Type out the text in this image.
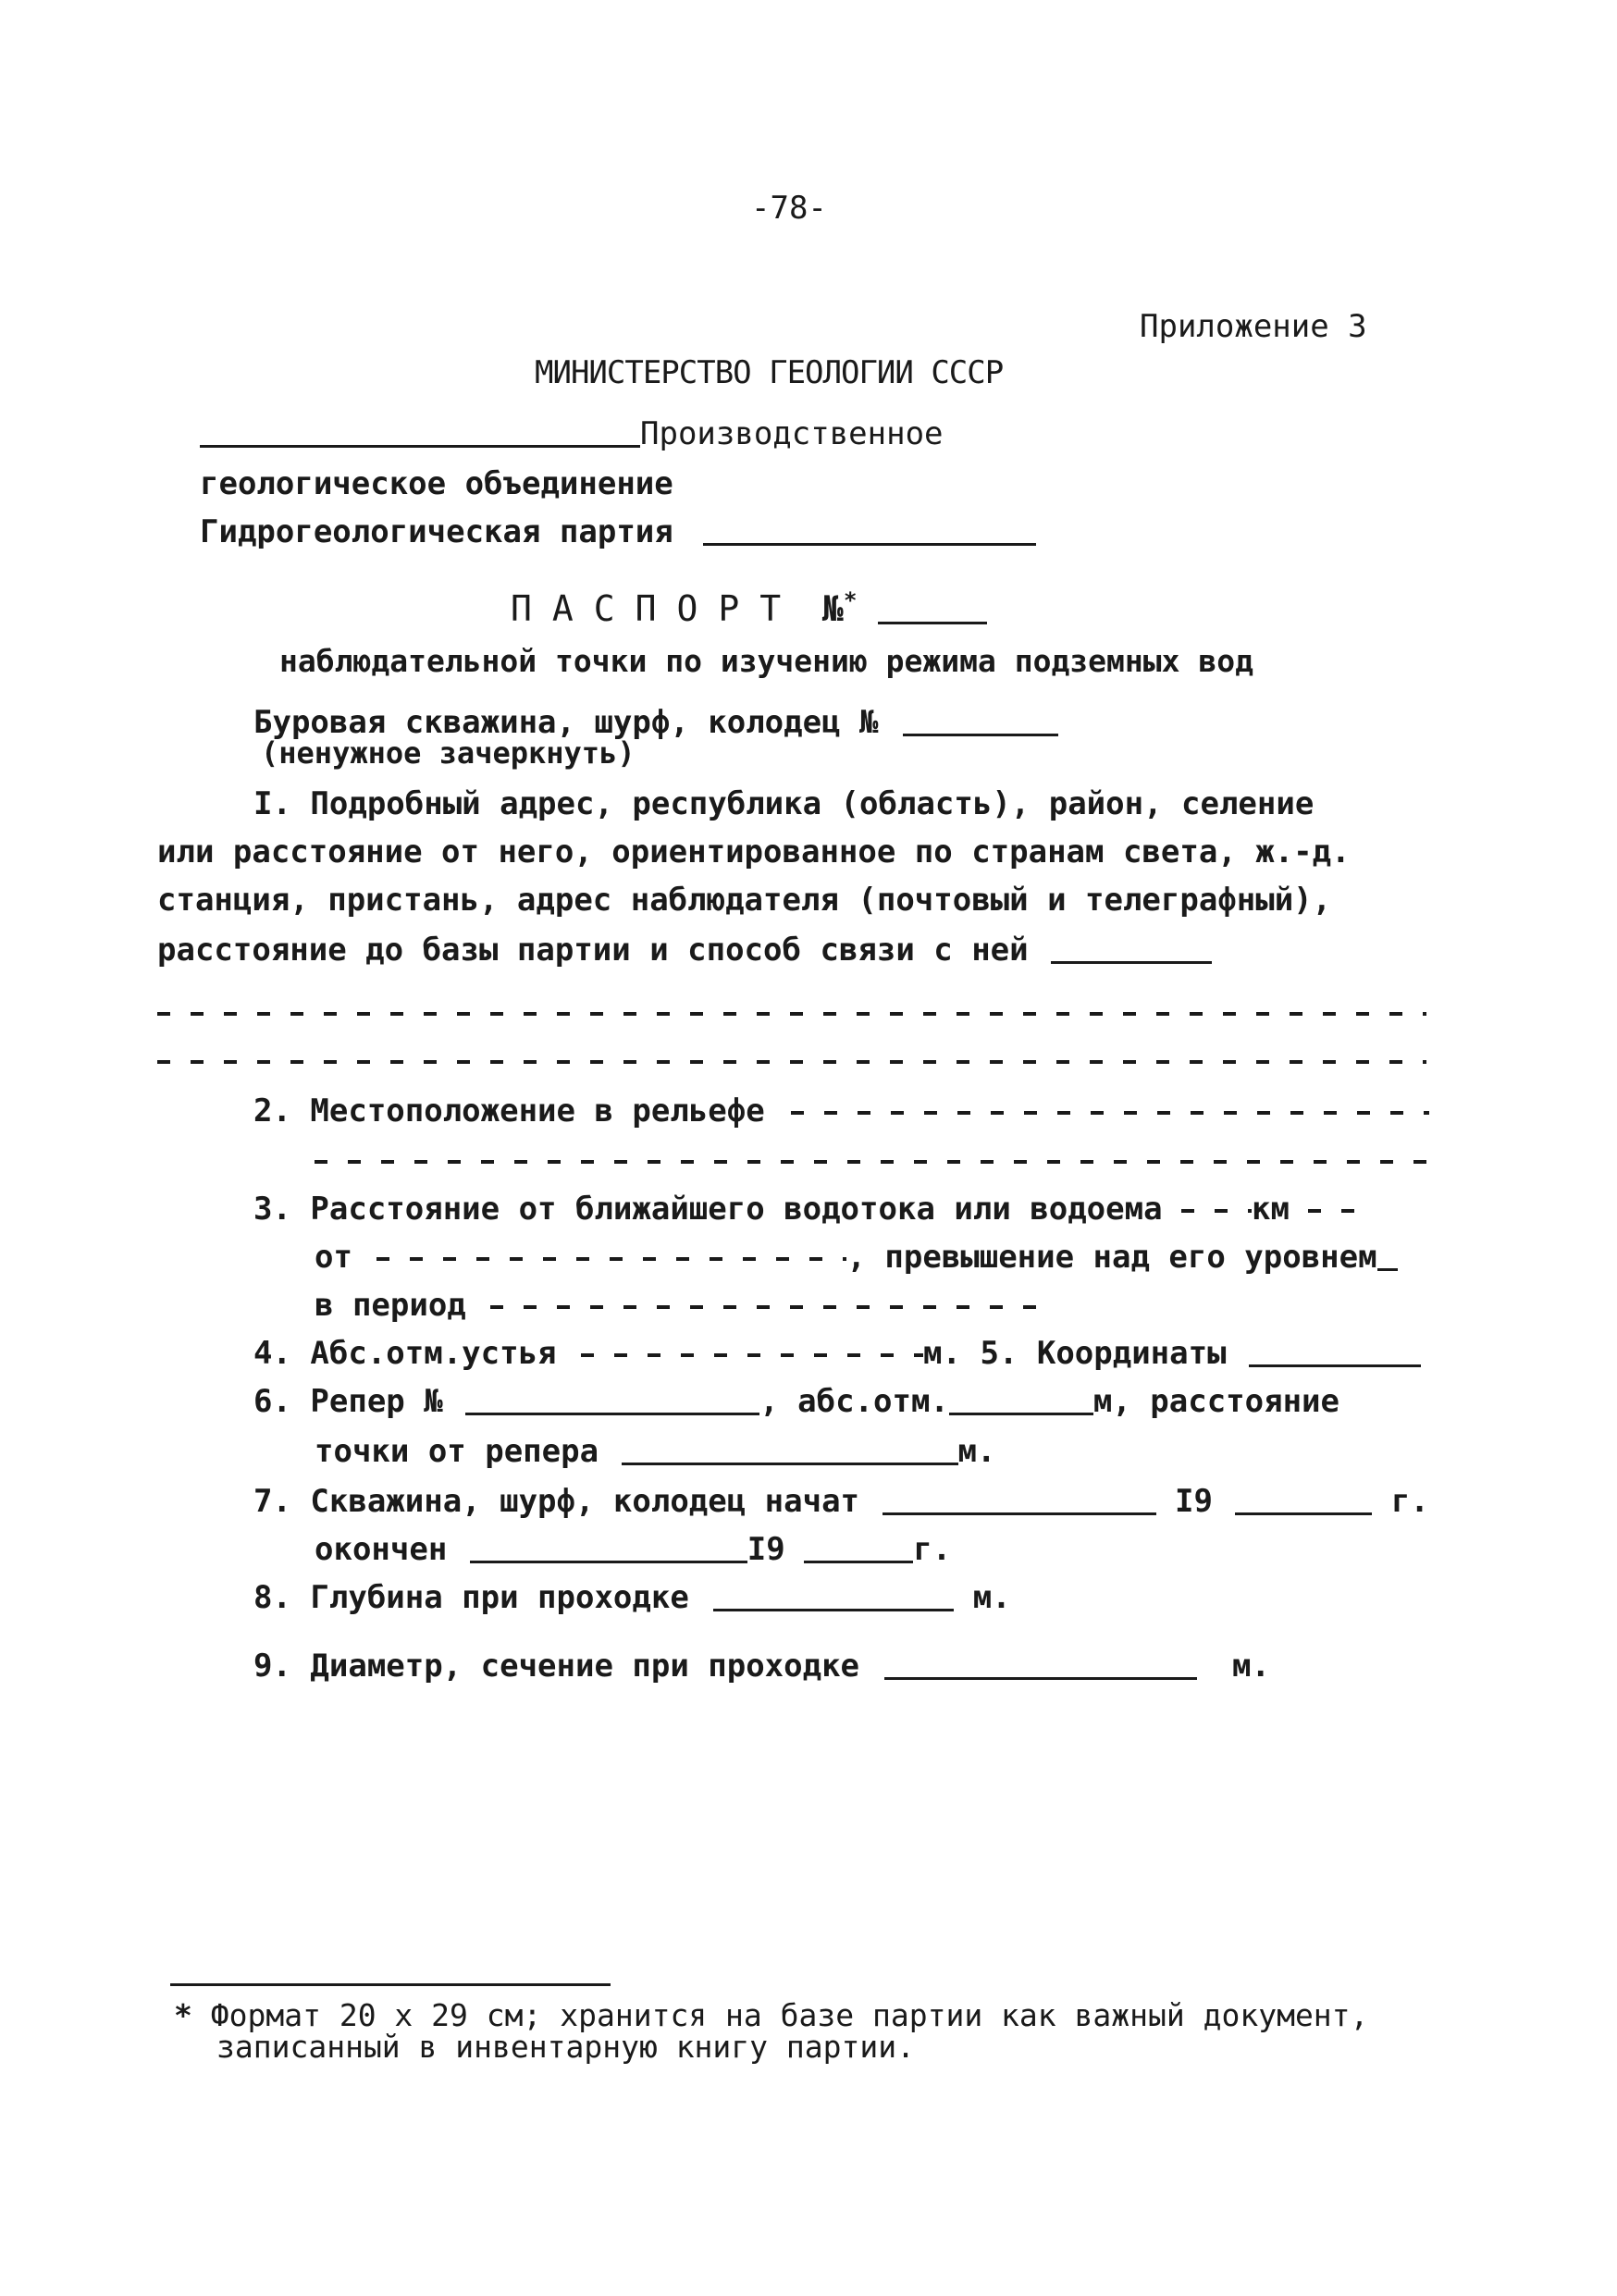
-78-
Приложение 3
МИНИСТЕРСТВО ГЕОЛОГИИ СССР
Производственное
геологическое объединение
Гидрогеологическая партия
ПАСПОРТ №*
наблюдательной точки по изучению режима подземных вод
Буровая скважина, шурф, колодец №
(ненужное зачеркнуть)
I. Подробный адрес, республика (область), район, селение
или расстояние от него, ориентированное по странам света, ж.-д.
станция, пристань, адрес наблюдателя (почтовый и телеграфный),
расстояние до базы партии и способ связи с ней
2. Местоположение в рельефе
3. Расстояние от ближайшего водотока или водоема	км
от	, превышение над его уровнем
в период
4. Абс.отм.устья	м. 5. Координаты
6. Репер №	, абс.отм.	м, расстояние
точки от репера	м.
7. Скважина, шурф, колодец начат	I9	г.
окончен	I9	г.
8. Глубина при проходке	м.
9. Диаметр, сечение при проходке	м.
* Формат 20 х 29 см; хранится на базе партии как важный документ,
записанный в инвентарную книгу партии.
